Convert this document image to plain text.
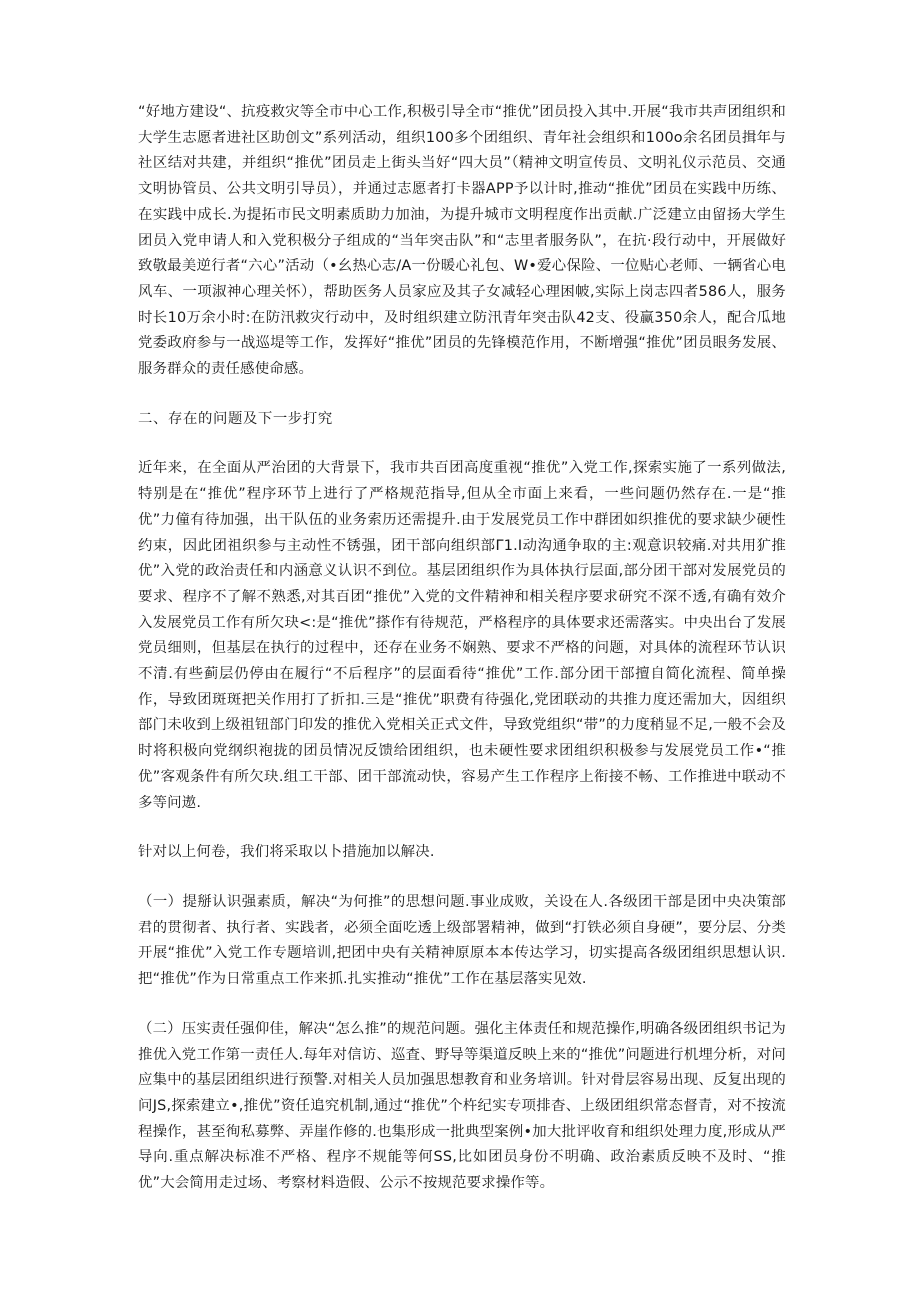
“好地方建设“、抗疫救灾等全市中心工作,积极引导全市“推优”团员投入其中.开展“我市共声团组织和大学生志愿者进社区助创文”系列活动，组织100多个团组织、青年社会组织和100o余名团员揖年与社区结对共建，并组织“推优”团员走上街头当好“四大员”（精神文明宣传员、文明礼仪示范员、交通文明协管员、公共文明引导员），并通过志愿者打卡器APP予以计时,推动“推优”团员在实践中历练、在实践中成长.为提拓市民文明素质助力加油，为提升城市文明程度作出贡献.广泛建立由留扬大学生团员入党申请人和入党积极分子组成的“当年突击队”和“志里者服务队”，在抗·段行动中，开展做好致敬最美逆行者“六心”活动（•幺热心志/A一份暖心礼包、W•爱心保险、一位贴心老师、一辆省心电风车、一项淑神心理关怀），帮助医务人员家应及其子女减轻心理困帔,实际上岗志四者586人，服务时长10万余小时:在防汛救灾行动中，及时组织建立防汛青年突击队42支、役赢350余人，配合瓜地党委政府参与一战巡堤等工作，发挥好“推优”团员的先锋模范作用，不断增强“推优”团员眼务发展、服务群众的责任感使命感。

二、存在的问题及下一步打究

近年来，在全面从严治团的大背景下，我市共百团高度重视“推优”入党工作,探索实施了一系列做法,特别是在“推优”程序环节上进行了严格规范指导,但从全市面上来看，一些问题仍然存在.一是“推优”力僮有待加强，出干队伍的业务索历还需提升.由于发展党员工作中群团如织推优的要求缺少硬性约束，因此团祖织参与主动性不锈强，团干部向组织部Γ1.I动沟通争取的主:观意识较痛.对共用犷推优”入党的政治责任和内涵意义认识不到位。基层团组织作为具体执行层面,部分团干部对发展党员的要求、程序不了解不熟悉,对其百团“推优”入党的文件精神和相关程序要求研究不深不透,有确有效介入发展党员工作有所欠玦<:是“推优”搽作有待规范，严格程序的具体要求还需落实。中央出台了发展党员细则，但基层在执行的过程中，还存在业务不娴熟、要求不严格的问题，对具体的流程环节认识不清.有些蓟层仍停由在履行“不后程序”的层面看待“推优”工作.部分团干部擅自简化流程、简单操作，导致团斑斑把关作用打了折扣.三是“推优”职费有待强化,党团联动的共推力度还需加大，因组织部门未收到上级祖钮部门印发的推优入党相关正式文件，导致党组织“带”的力度稍显不足,一般不会及时将积极向党纲织袍拢的团员情况反馈给团组织，也未硬性要求团组织积极参与发展党员工作•“推优”客观条件有所欠玦.组工干部、团干部流动快，容易产生工作程序上衔接不畅、工作推进中联动不多等问遨.

针对以上何卷，我们将采取以卜措施加以解决.

（一）提掰认识强素质，解决“为何推”的思想问题.事业成败，关设在人.各级团干部是团中央决策部君的贯彻者、执行者、实践者，必须全面吃透上级部署精神，做到“打铁必须自身硬”，要分层、分类开展“推优”入党工作专题培训,把团中央有关精神原原本本传达学习，切实提高各级团组织思想认识.把“推优”作为日常重点工作来抓.扎实推动“推优”工作在基层落实见效.

（二）压实责任强仰佳，解决“怎么推”的规范问题。强化主体责任和规范操作,明确各级团组织书记为推优入党工作第一责任人.每年对信访、巡査、野导等渠道反映上来的“推优”问题进行机埋分析，对问应集中的基层团组织进行预警.对相关人员加强思想教育和业务培训。针对骨层容易出现、反复出现的问JS,探索建立•,推优”资任追究机制,通过“推优”个杵纪实专项排杳、上级团组织常态督青，对不按流程操作，甚至徇私募弊、弄崖作修的.也集形成一批典型案例•加大批评收育和组织处理力度,形成从严导向.重点解决标准不严格、程序不规能等何SS,比如团员身份不明确、政治素质反映不及时、“推优”大会简用走过场、考察材料造假、公示不按规范要求操作等。
